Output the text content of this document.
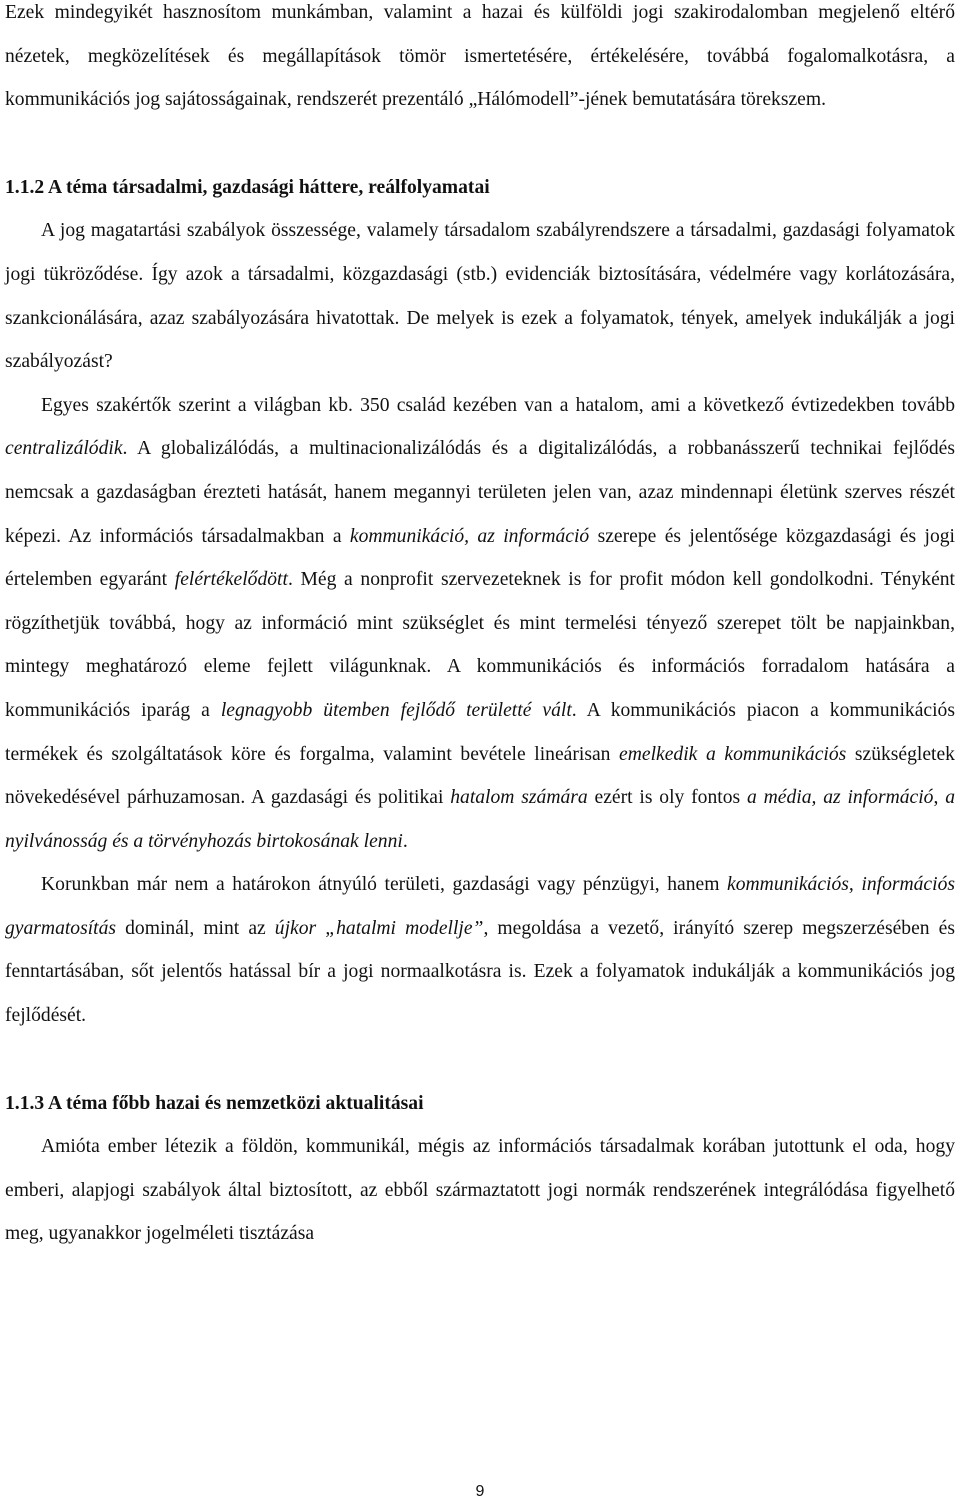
Ezek mindegyikét hasznosítom munkámban, valamint a hazai és külföldi jogi szakirodalomban megjelenő eltérő nézetek, megközelítések és megállapítások tömör ismertetésére, értékelésére, továbbá fogalomalkotásra, a kommunikációs jog sajátosságainak, rendszerét prezentáló „Hálómodell”-jének bemutatására törekszem.

1.1.2 A téma társadalmi, gazdasági háttere, reálfolyamatai

A jog magatartási szabályok összessége, valamely társadalom szabályrendszere a társadalmi, gazdasági folyamatok jogi tükröződése. Így azok a társadalmi, közgazdasági (stb.) evidenciák biztosítására, védelmére vagy korlátozására, szankcionálására, azaz szabályozására hivatottak. De melyek is ezek a folyamatok, tények, amelyek indukálják a jogi szabályozást?

Egyes szakértők szerint a világban kb. 350 család kezében van a hatalom, ami a következő évtizedekben tovább centralizálódik. A globalizálódás, a multinacionalizálódás és a digitalizálódás, a robbanásszerű technikai fejlődés nemcsak a gazdaságban érezteti hatását, hanem megannyi területen jelen van, azaz mindennapi életünk szerves részét képezi. Az információs társadalmakban a kommunikáció, az információ szerepe és jelentősége közgazdasági és jogi értelemben egyaránt felértékelődött. Még a nonprofit szervezeteknek is for profit módon kell gondolkodni. Tényként rögzíthetjük továbbá, hogy az információ mint szükséglet és mint termelési tényező szerepet tölt be napjainkban, mintegy meghatározó eleme fejlett világunknak. A kommunikációs és információs forradalom hatására a kommunikációs iparág a legnagyobb ütemben fejlődő területté vált. A kommunikációs piacon a kommunikációs termékek és szolgáltatások köre és forgalma, valamint bevétele lineárisan emelkedik a kommunikációs szükségletek növekedésével párhuzamosan. A gazdasági és politikai hatalom számára ezért is oly fontos a média, az információ, a nyilvánosság és a törvényhozás birtokosának lenni.

Korunkban már nem a határokon átnyúló területi, gazdasági vagy pénzügyi, hanem kommunikációs, információs gyarmatosítás dominál, mint az újkor „hatalmi modellje”, megoldása a vezető, irányító szerep megszerzésében és fenntartásában, sőt jelentős hatással bír a jogi normaalkotásra is. Ezek a folyamatok indukálják a kommunikációs jog fejlődését.

1.1.3 A téma főbb hazai és nemzetközi aktualitásai

Amióta ember létezik a földön, kommunikál, mégis az információs társadalmak korában jutottunk el oda, hogy emberi, alapjogi szabályok által biztosított, az ebből származtatott jogi normák rendszerének integrálódása figyelhető meg, ugyanakkor jogelméleti tisztázása

9
